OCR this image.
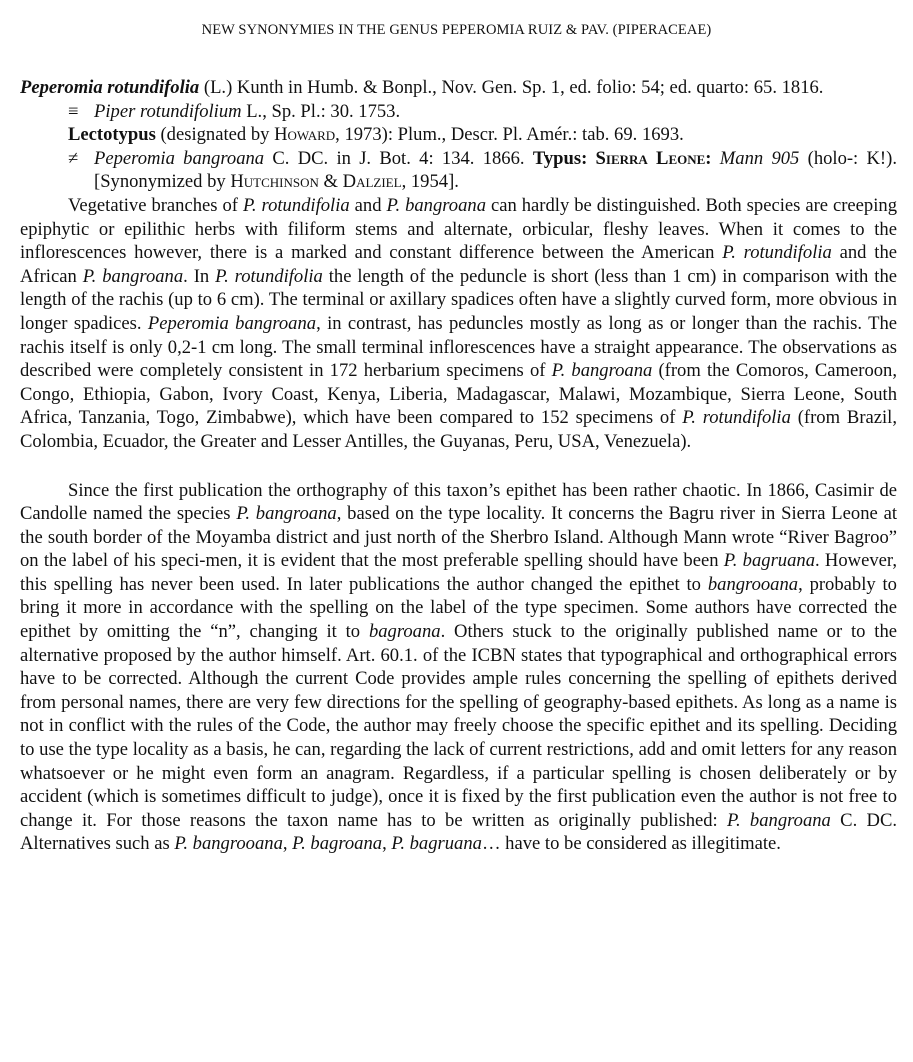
NEW SYNONYMIES IN THE GENUS PEPEROMIA RUIZ & PAV. (PIPERACEAE)

Peperomia rotundifolia (L.) Kunth in Humb. & Bonpl., Nov. Gen. Sp. 1, ed. folio: 54; ed. quarto: 65. 1816.

≡ Piper rotundifolium L., Sp. Pl.: 30. 1753.

Lectotypus (designated by Howard, 1973): Plum., Descr. Pl. Amér.: tab. 69. 1693.

≠ Peperomia bangroana C. DC. in J. Bot. 4: 134. 1866. Typus: Sierra Leone: Mann 905 (holo-: K!). [Synonymized by Hutchinson & Dalziel, 1954].

Vegetative branches of P. rotundifolia and P. bangroana can hardly be distinguished. Both species are creeping epiphytic or epilithic herbs with filiform stems and alternate, orbicular, fleshy leaves. When it comes to the inflorescences however, there is a marked and constant difference between the American P. rotundifolia and the African P. bangroana. In P. rotundifolia the length of the peduncle is short (less than 1 cm) in comparison with the length of the rachis (up to 6 cm). The terminal or axillary spadices often have a slightly curved form, more obvious in longer spadices. Peperomia bangroana, in contrast, has peduncles mostly as long as or longer than the rachis. The rachis itself is only 0,2-1 cm long. The small terminal inflorescences have a straight appearance. The observations as described were completely consistent in 172 herbarium specimens of P. bangroana (from the Comoros, Cameroon, Congo, Ethiopia, Gabon, Ivory Coast, Kenya, Liberia, Madagascar, Malawi, Mozambique, Sierra Leone, South Africa, Tanzania, Togo, Zimbabwe), which have been compared to 152 specimens of P. rotundifolia (from Brazil, Colombia, Ecuador, the Greater and Lesser Antilles, the Guyanas, Peru, USA, Venezuela).

Since the first publication the orthography of this taxon’s epithet has been rather chaotic. In 1866, Casimir de Candolle named the species P. bangroana, based on the type locality. It concerns the Bagru river in Sierra Leone at the south border of the Moyamba district and just north of the Sherbro Island. Although Mann wrote “River Bagroo” on the label of his speci-men, it is evident that the most preferable spelling should have been P. bagruana. However, this spelling has never been used. In later publications the author changed the epithet to bangrooana, probably to bring it more in accordance with the spelling on the label of the type specimen. Some authors have corrected the epithet by omitting the “n”, changing it to bagroana. Others stuck to the originally published name or to the alternative proposed by the author himself. Art. 60.1. of the ICBN states that typographical and orthographical errors have to be corrected. Although the current Code provides ample rules concerning the spelling of epithets derived from personal names, there are very few directions for the spelling of geography-based epithets. As long as a name is not in conflict with the rules of the Code, the author may freely choose the specific epithet and its spelling. Deciding to use the type locality as a basis, he can, regarding the lack of current restrictions, add and omit letters for any reason whatsoever or he might even form an anagram. Regardless, if a particular spelling is chosen deliberately or by accident (which is sometimes difficult to judge), once it is fixed by the first publication even the author is not free to change it. For those reasons the taxon name has to be written as originally published: P. bangroana C. DC. Alternatives such as P. bangrooana, P. bagroana, P. bagruana… have to be considered as illegitimate.
